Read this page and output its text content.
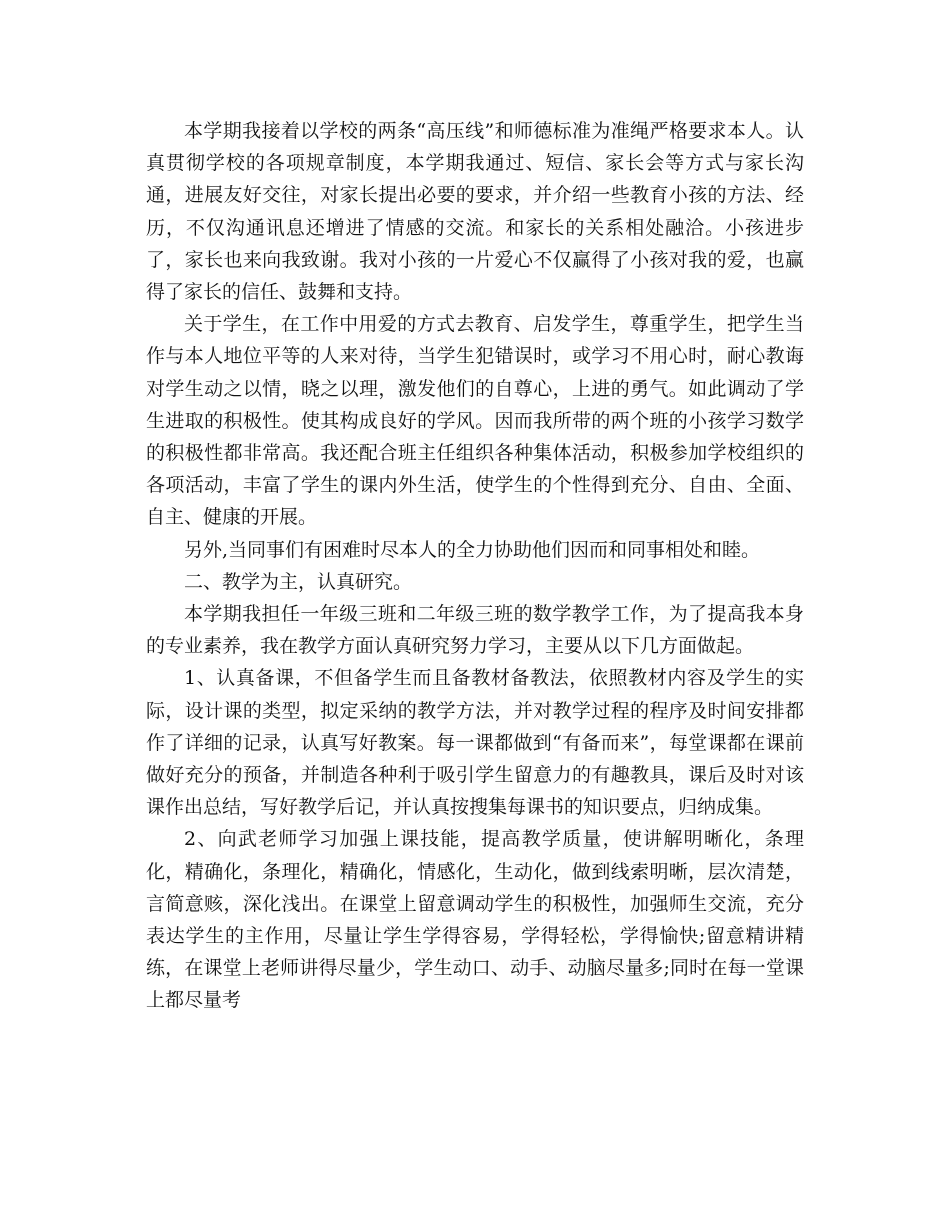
本学期我接着以学校的两条“高压线”和师德标准为准绳严格要求本人。认真贯彻学校的各项规章制度，本学期我通过、短信、家长会等方式与家长沟通，进展友好交往，对家长提出必要的要求，并介绍一些教育小孩的方法、经历，不仅沟通讯息还增进了情感的交流。和家长的关系相处融洽。小孩进步了，家长也来向我致谢。我对小孩的一片爱心不仅赢得了小孩对我的爱，也赢得了家长的信任、鼓舞和支持。

关于学生，在工作中用爱的方式去教育、启发学生，尊重学生，把学生当作与本人地位平等的人来对待，当学生犯错误时，或学习不用心时，耐心教诲对学生动之以情，晓之以理，激发他们的自尊心，上进的勇气。如此调动了学生进取的积极性。使其构成良好的学风。因而我所带的两个班的小孩学习数学的积极性都非常高。我还配合班主任组织各种集体活动，积极参加学校组织的各项活动，丰富了学生的课内外生活，使学生的个性得到充分、自由、全面、自主、健康的开展。

另外,当同事们有困难时尽本人的全力协助他们因而和同事相处和睦。

二、教学为主，认真研究。

本学期我担任一年级三班和二年级三班的数学教学工作，为了提高我本身的专业素养，我在教学方面认真研究努力学习，主要从以下几方面做起。

1、认真备课，不但备学生而且备教材备教法，依照教材内容及学生的实际，设计课的类型，拟定采纳的教学方法，并对教学过程的程序及时间安排都作了详细的记录，认真写好教案。每一课都做到“有备而来”，每堂课都在课前做好充分的预备，并制造各种利于吸引学生留意力的有趣教具，课后及时对该课作出总结，写好教学后记，并认真按搜集每课书的知识要点，归纳成集。

2、向武老师学习加强上课技能，提高教学质量，使讲解明晰化，条理化，精确化，条理化，精确化，情感化，生动化，做到线索明晰，层次清楚，言简意赅，深化浅出。在课堂上留意调动学生的积极性，加强师生交流，充分表达学生的主作用，尽量让学生学得容易，学得轻松，学得愉快;留意精讲精练，在课堂上老师讲得尽量少，学生动口、动手、动脑尽量多;同时在每一堂课上都尽量考
